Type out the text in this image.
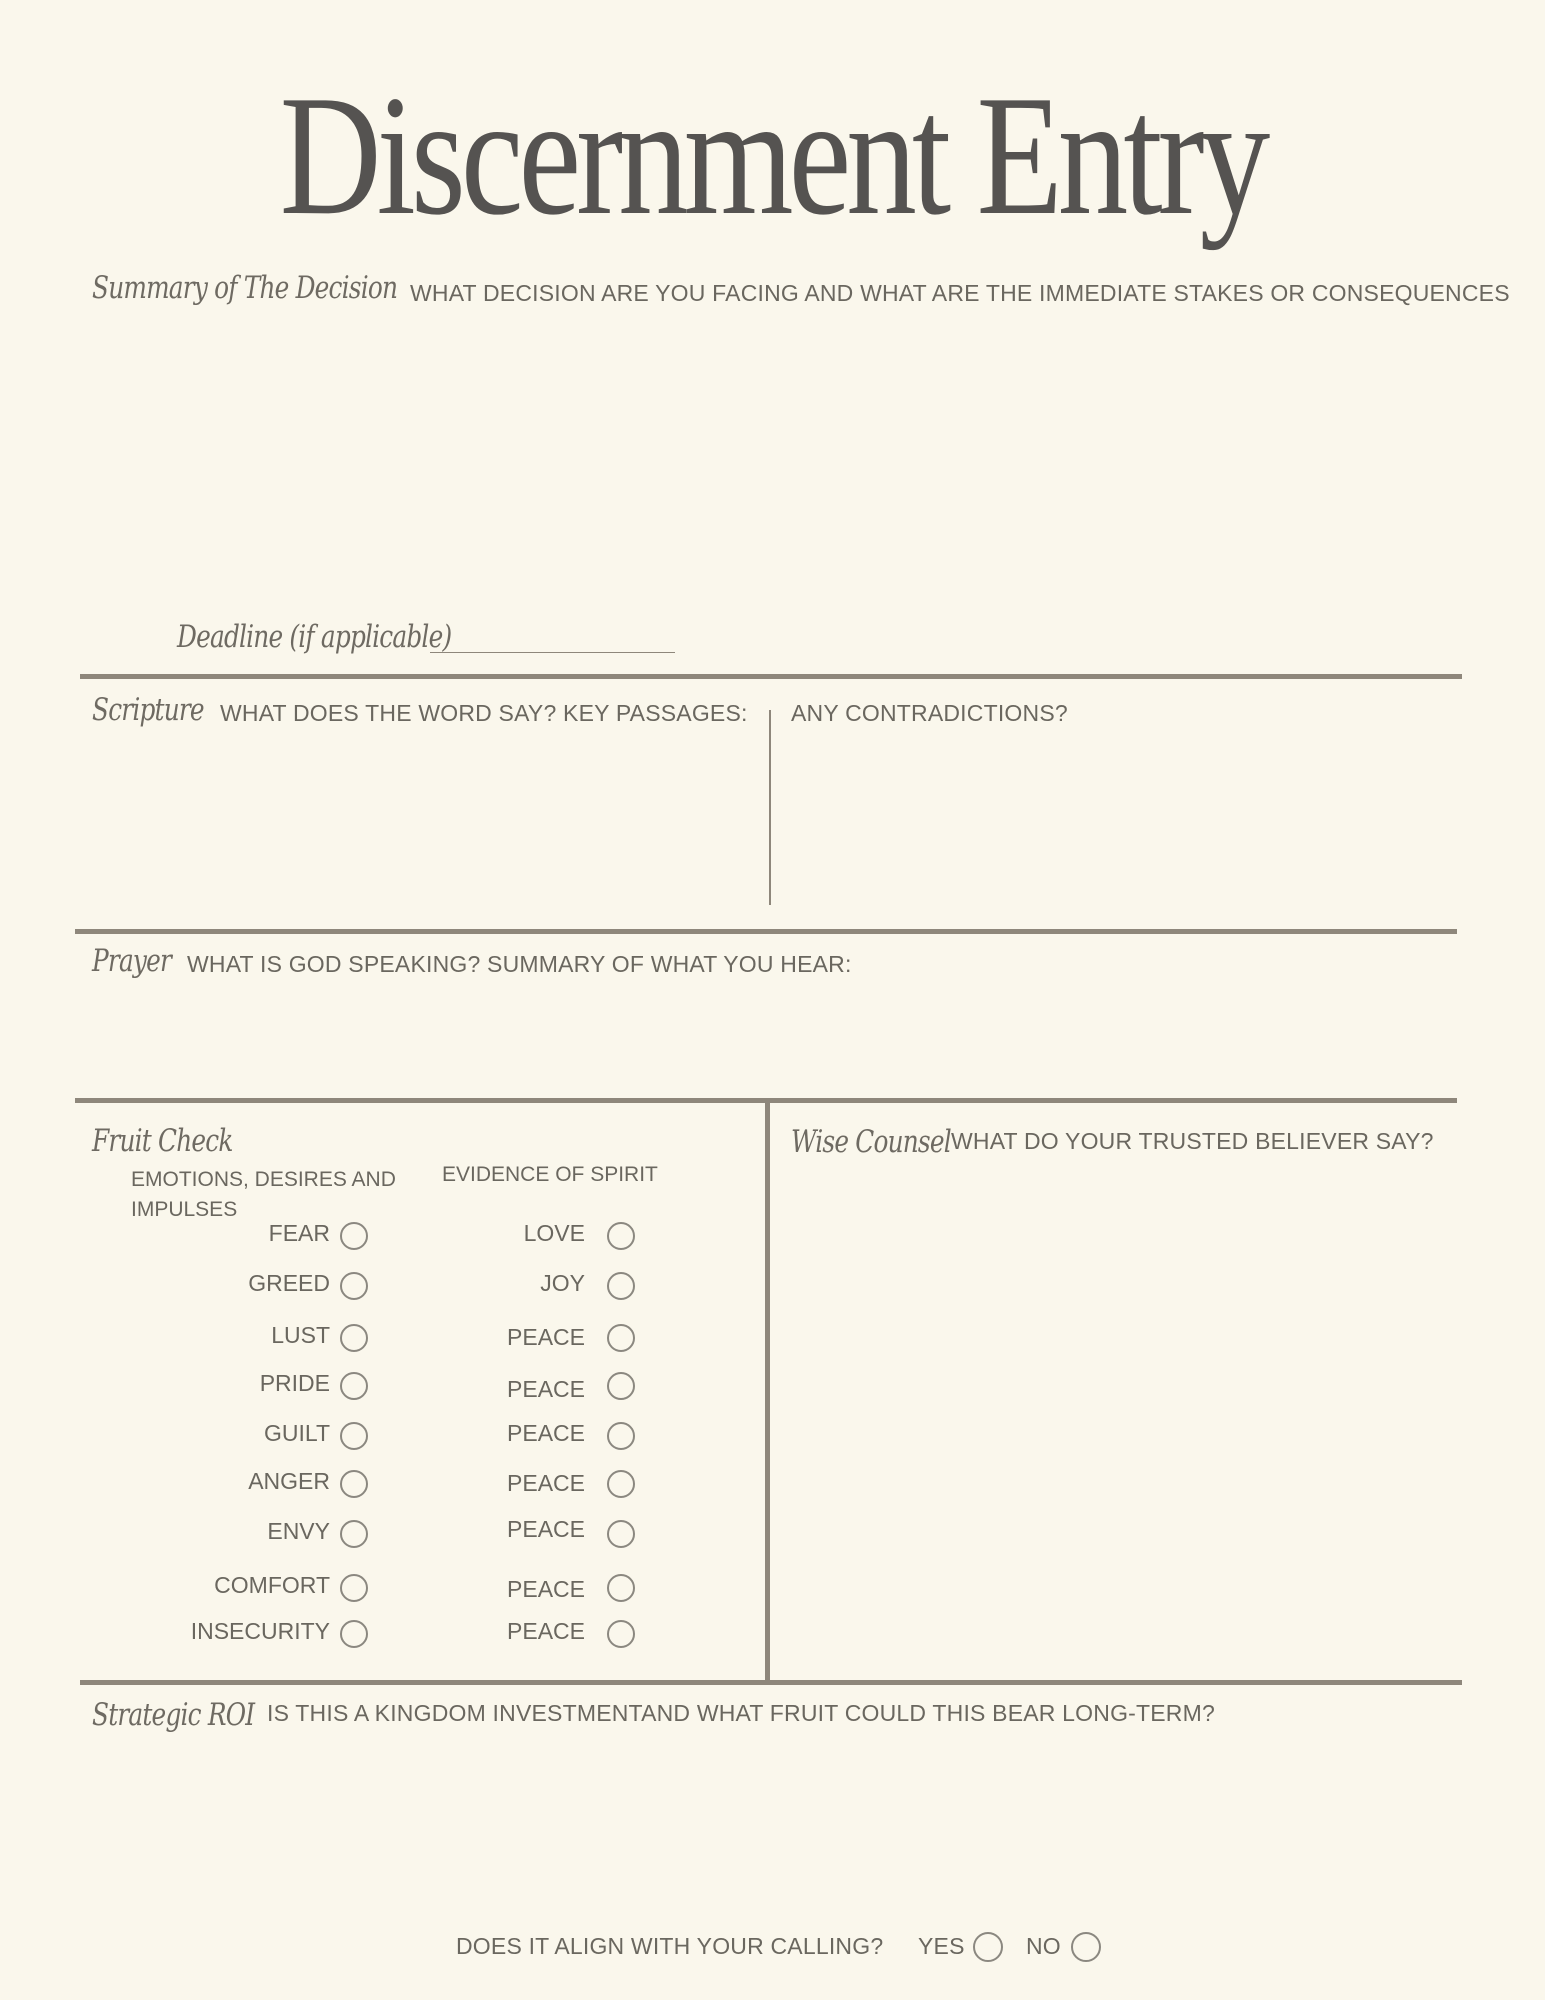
Discernment Entry
Summary of The Decision WHAT DECISION ARE YOU FACING AND WHAT ARE THE IMMEDIATE STAKES OR CONSEQUENCES
Deadline (if applicable)
Scripture WHAT DOES THE WORD SAY? KEY PASSAGES: ANY CONTRADICTIONS?
Prayer WHAT IS GOD SPEAKING? SUMMARY OF WHAT YOU HEAR:
Fruit Check
EMOTIONS, DESIRES AND
IMPULSES
EVIDENCE OF SPIRIT
FEAR	LOVE
GREED	JOY
LUST	PEACE
PRIDE	PEACE
GUILT	PEACE
ANGER	PEACE
ENVY	PEACE
COMFORT	PEACE
INSECURITY	PEACE
Wise Counsel WHAT DO YOUR TRUSTED BELIEVER SAY?
Strategic ROI IS THIS A KINGDOM INVESTMENTAND WHAT FRUIT COULD THIS BEAR LONG-TERM?
DOES IT ALIGN WITH YOUR CALLING? YES	NO
